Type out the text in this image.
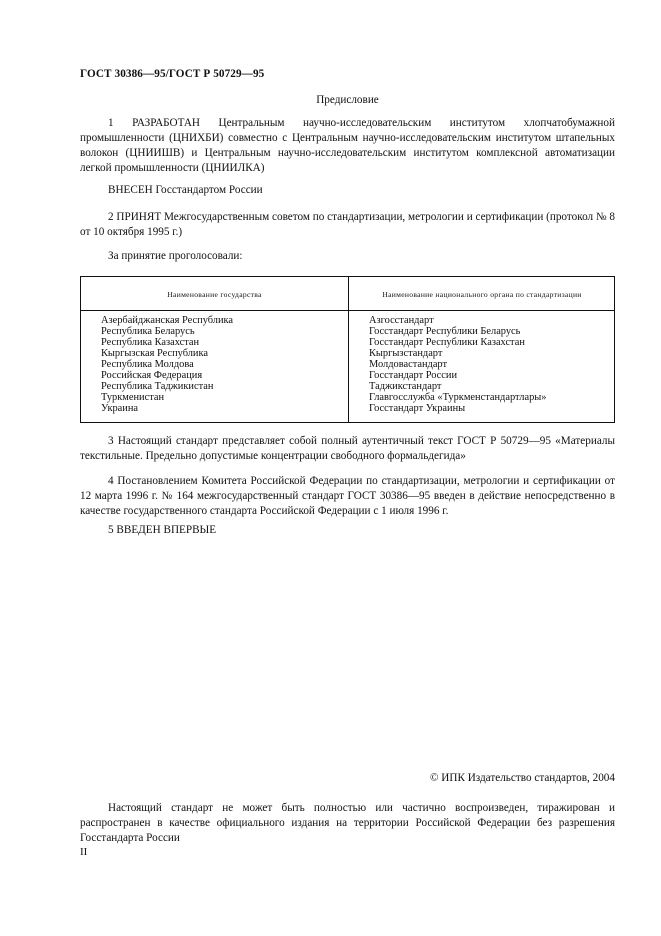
ГОСТ 30386—95/ГОСТ Р 50729—95
Предисловие
1 РАЗРАБОТАН Центральным научно-исследовательским институтом хлопчатобумажной промышленности (ЦНИХБИ) совместно с Центральным научно-исследовательским институтом штапельных волокон (ЦНИИШВ) и Центральным научно-исследовательским институтом комплексной автоматизации легкой промышленности (ЦНИИЛКА)
ВНЕСЕН Госстандартом России
2 ПРИНЯТ Межгосударственным советом по стандартизации, метрологии и сертификации (протокол № 8 от 10 октября 1995 г.)
За принятие проголосовали:
Наименование государства	Наименование национального органа по стандартизации
Азербайджанская Республика
Республика Беларусь
Республика Казахстан
Кыргызская Республика
Республика Молдова
Российская Федерация
Республика Таджикистан
Туркменистан
Украина
Азгосстандарт
Госстандарт Республики Беларусь
Госстандарт Республики Казахстан
Кыргызстандарт
Молдовастандарт
Госстандарт России
Таджикстандарт
Главгосслужба «Туркменстандартлары»
Госстандарт Украины
3 Настоящий стандарт представляет собой полный аутентичный текст ГОСТ Р 50729—95 «Материалы текстильные. Предельно допустимые концентрации свободного формальдегида»
4 Постановлением Комитета Российской Федерации по стандартизации, метрологии и сертификации от 12 марта 1996 г. № 164 межгосударственный стандарт ГОСТ 30386—95 введен в действие непосредственно в качестве государственного стандарта Российской Федерации с 1 июля 1996 г.
5 ВВЕДЕН ВПЕРВЫЕ
© ИПК Издательство стандартов, 2004
Настоящий стандарт не может быть полностью или частично воспроизведен, тиражирован и распространен в качестве официального издания на территории Российской Федерации без разрешения Госстандарта России
II
